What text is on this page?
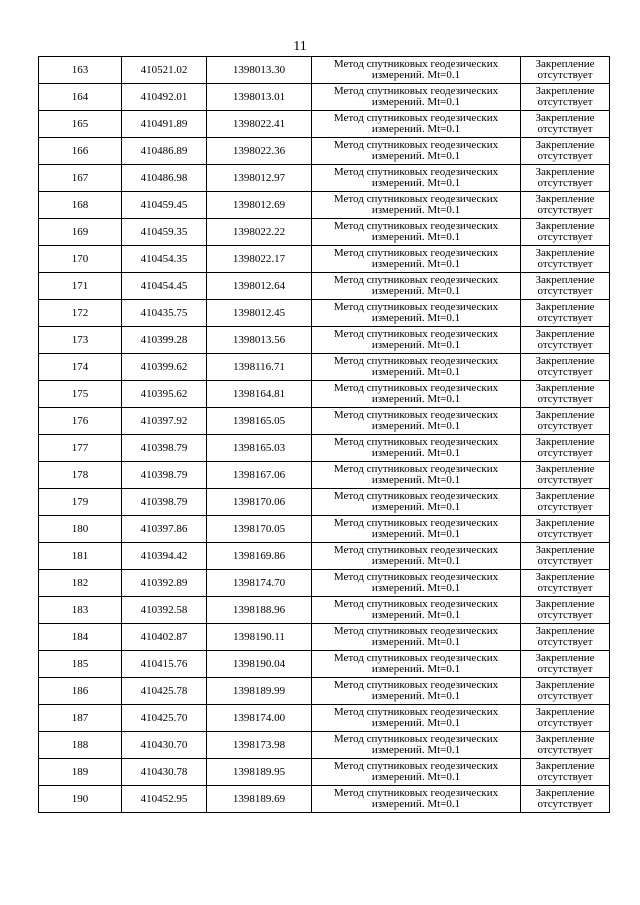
11
163	410521.02	1398013.30	Метод спутниковых геодезических
измерений. Mt=0.1	Закрепление
отсутствует

164	410492.01	1398013.01	Метод спутниковых геодезических
измерений. Mt=0.1	Закрепление
отсутствует

165	410491.89	1398022.41	Метод спутниковых геодезических
измерений. Mt=0.1	Закрепление
отсутствует

166	410486.89	1398022.36	Метод спутниковых геодезических
измерений. Mt=0.1	Закрепление
отсутствует

167	410486.98	1398012.97	Метод спутниковых геодезических
измерений. Mt=0.1	Закрепление
отсутствует

168	410459.45	1398012.69	Метод спутниковых геодезических
измерений. Mt=0.1	Закрепление
отсутствует

169	410459.35	1398022.22	Метод спутниковых геодезических
измерений. Mt=0.1	Закрепление
отсутствует

170	410454.35	1398022.17	Метод спутниковых геодезических
измерений. Mt=0.1	Закрепление
отсутствует

171	410454.45	1398012.64	Метод спутниковых геодезических
измерений. Mt=0.1	Закрепление
отсутствует

172	410435.75	1398012.45	Метод спутниковых геодезических
измерений. Mt=0.1	Закрепление
отсутствует

173	410399.28	1398013.56	Метод спутниковых геодезических
измерений. Mt=0.1	Закрепление
отсутствует

174	410399.62	1398116.71	Метод спутниковых геодезических
измерений. Mt=0.1	Закрепление
отсутствует

175	410395.62	1398164.81	Метод спутниковых геодезических
измерений. Mt=0.1	Закрепление
отсутствует

176	410397.92	1398165.05	Метод спутниковых геодезических
измерений. Mt=0.1	Закрепление
отсутствует

177	410398.79	1398165.03	Метод спутниковых геодезических
измерений. Mt=0.1	Закрепление
отсутствует

178	410398.79	1398167.06	Метод спутниковых геодезических
измерений. Mt=0.1	Закрепление
отсутствует

179	410398.79	1398170.06	Метод спутниковых геодезических
измерений. Mt=0.1	Закрепление
отсутствует

180	410397.86	1398170.05	Метод спутниковых геодезических
измерений. Mt=0.1	Закрепление
отсутствует

181	410394.42	1398169.86	Метод спутниковых геодезических
измерений. Mt=0.1	Закрепление
отсутствует

182	410392.89	1398174.70	Метод спутниковых геодезических
измерений. Mt=0.1	Закрепление
отсутствует

183	410392.58	1398188.96	Метод спутниковых геодезических
измерений. Mt=0.1	Закрепление
отсутствует

184	410402.87	1398190.11	Метод спутниковых геодезических
измерений. Mt=0.1	Закрепление
отсутствует

185	410415.76	1398190.04	Метод спутниковых геодезических
измерений. Mt=0.1	Закрепление
отсутствует

186	410425.78	1398189.99	Метод спутниковых геодезических
измерений. Mt=0.1	Закрепление
отсутствует

187	410425.70	1398174.00	Метод спутниковых геодезических
измерений. Mt=0.1	Закрепление
отсутствует

188	410430.70	1398173.98	Метод спутниковых геодезических
измерений. Mt=0.1	Закрепление
отсутствует

189	410430.78	1398189.95	Метод спутниковых геодезических
измерений. Mt=0.1	Закрепление
отсутствует

190	410452.95	1398189.69	Метод спутниковых геодезических
измерений. Mt=0.1	Закрепление
отсутствует
